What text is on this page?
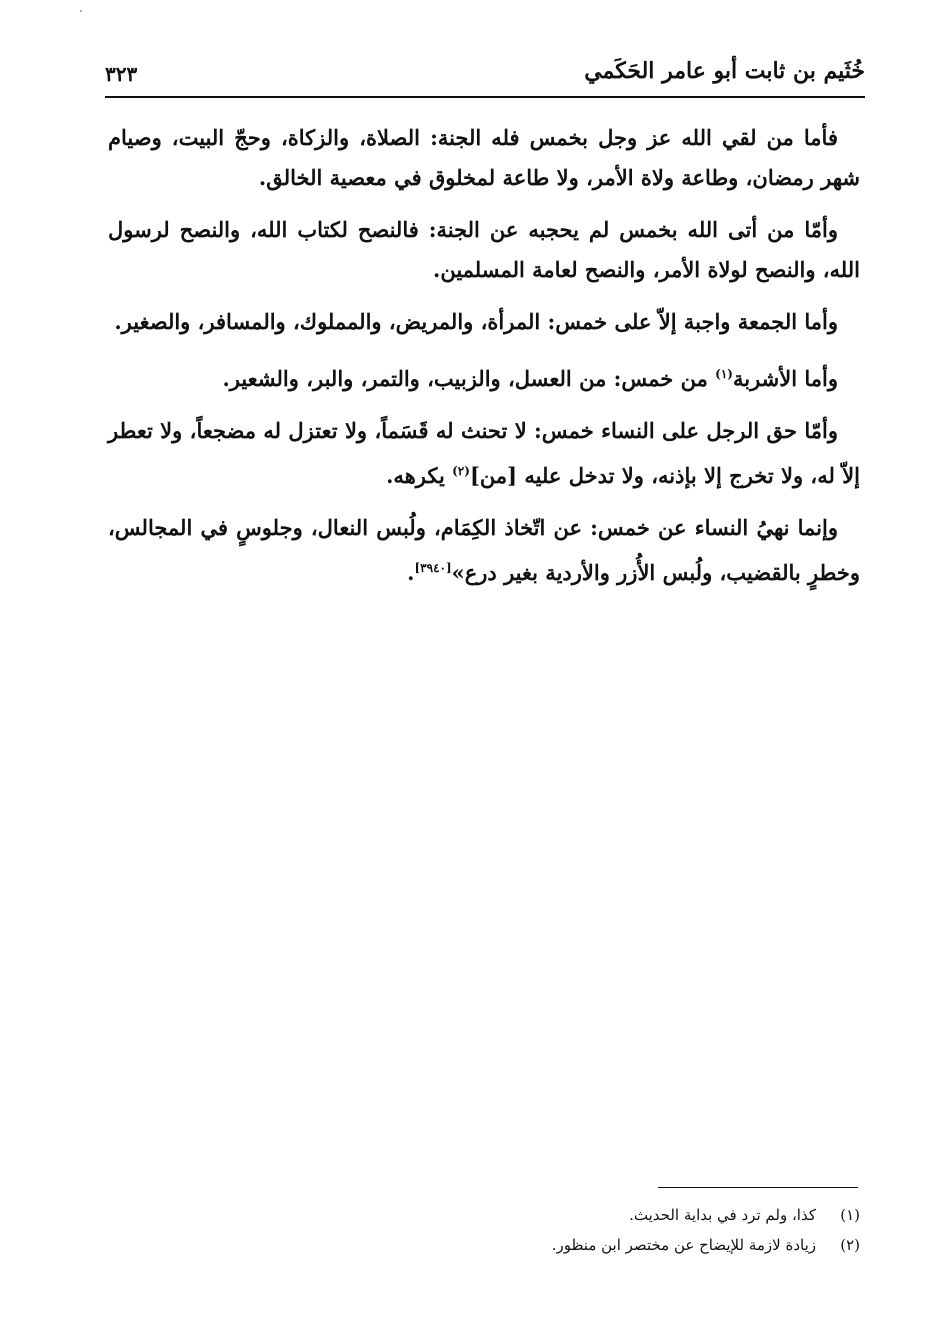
خُثَيم بن ثابت أبو عامر الحَكَمي
٣٢٣

فأما من لقي الله عز وجل بخمس فله الجنة: الصلاة، والزكاة، وحجّ البيت، وصيام شهر رمضان، وطاعة ولاة الأمر، ولا طاعة لمخلوق في معصية الخالق.

وأمّا من أتى الله بخمس لم يحجبه عن الجنة: فالنصح لكتاب الله، والنصح لرسول الله، والنصح لولاة الأمر، والنصح لعامة المسلمين.

وأما الجمعة واجبة إلاّ على خمس: المرأة، والمريض، والمملوك، والمسافر، والصغير.

وأما الأشربة$^{(١)}$ من خمس: من العسل، والزبيب، والتمر، والبر، والشعير.

وأمّا حق الرجل على النساء خمس: لا تحنث له قَسَماً، ولا تعتزل له مضجعاً، ولا تعطر إلاّ له، ولا تخرج إلا بإذنه، ولا تدخل عليه [من]$^{(٢)}$ يكرهه.

وإنما نهيُ النساء عن خمس: عن اتّخاذ الكِمَام، ولُبس النعال، وجلوسٍ في المجالس، وخطرٍ بالقضيب، ولُبس الأُزر والأردية بغير درع»[٣٩٤٠].

(١)كذا، ولم ترد في بداية الحديث.

(٢)زيادة لازمة للإيضاح عن مختصر ابن منظور.
